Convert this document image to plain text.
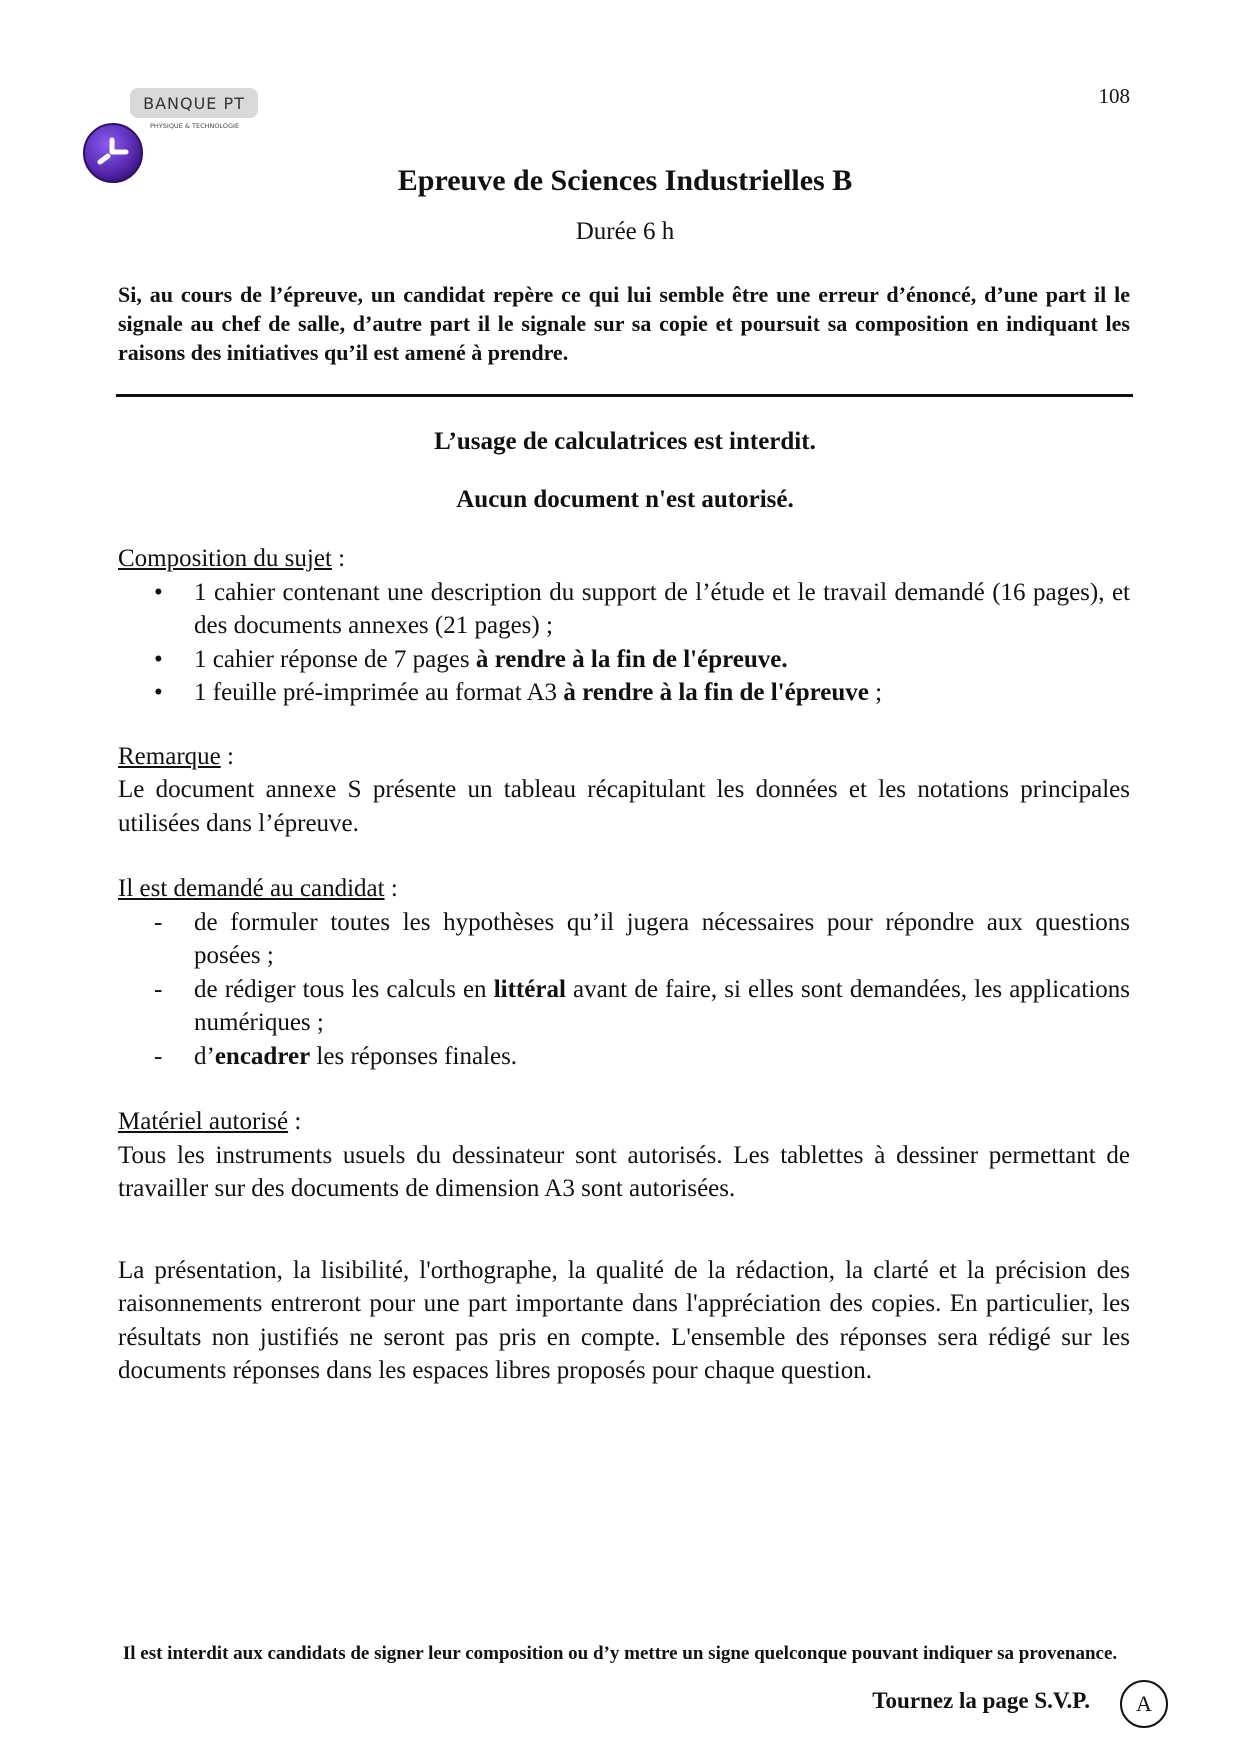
BANQUE PT
PHYSIQUE & TECHNOLOGIE
108
Epreuve de Sciences Industrielles B
Durée 6 h

Si, au cours de l’épreuve, un candidat repère ce qui lui semble être une erreur d’énoncé, d’une part il le signale au chef de salle, d’autre part il le signale sur sa copie et poursuit sa composition en indiquant les raisons des initiatives qu’il est amené à prendre.

L’usage de calculatrices est interdit.
Aucun document n'est autorisé.
Composition du sujet :
• 1 cahier contenant une description du support de l’étude et le travail demandé (16 pages), et des documents annexes (21 pages) ;
• 1 cahier réponse de 7 pages à rendre à la fin de l'épreuve.
• 1 feuille pré-imprimée au format A3 à rendre à la fin de l'épreuve ;
Remarque :

Le document annexe S présente un tableau récapitulant les données et les notations principales utilisées dans l’épreuve.

Il est demandé au candidat :
- de formuler toutes les hypothèses qu’il jugera nécessaires pour répondre aux questions posées ;
- de rédiger tous les calculs en littéral avant de faire, si elles sont demandées, les applications numériques ;
- d’encadrer les réponses finales.
Matériel autorisé :

Tous les instruments usuels du dessinateur sont autorisés. Les tablettes à dessiner permettant de travailler sur des documents de dimension A3 sont autorisées.

La présentation, la lisibilité, l'orthographe, la qualité de la rédaction, la clarté et la précision des raisonnements entreront pour une part importante dans l'appréciation des copies. En particulier, les résultats non justifiés ne seront pas pris en compte. L'ensemble des réponses sera rédigé sur les documents réponses dans les espaces libres proposés pour chaque question.

Il est interdit aux candidats de signer leur composition ou d’y mettre un signe quelconque pouvant indiquer sa provenance.
Tournez la page S.V.P.	A
